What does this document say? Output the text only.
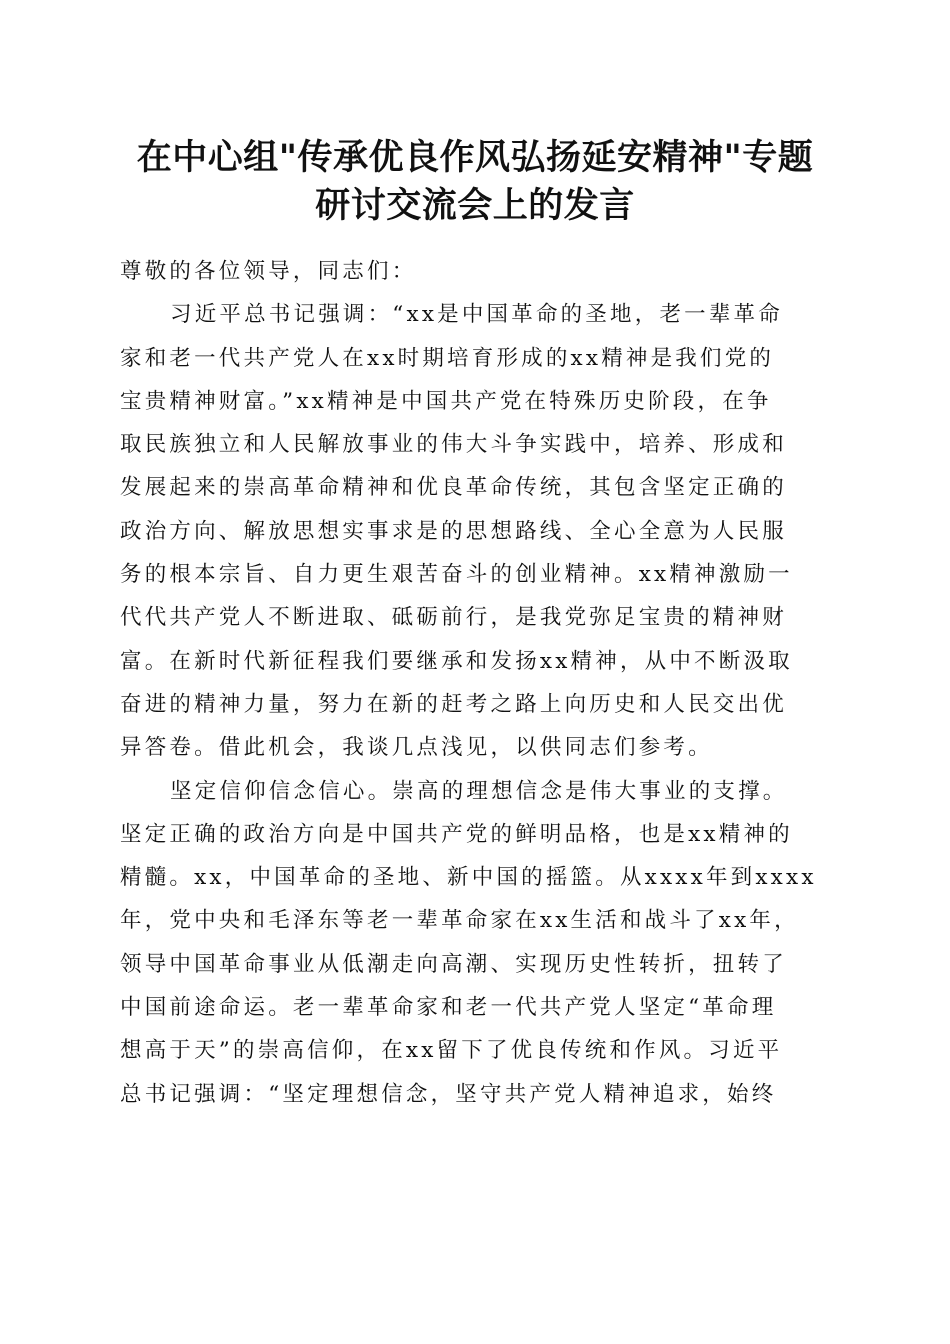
在中心组"传承优良作风弘扬延安精神"专题
研讨交流会上的发言
尊敬的各位领导，同志们：
习近平总书记强调：“xx是中国革命的圣地，老一辈革命
家和老一代共产党人在xx时期培育形成的xx精神是我们党的
宝贵精神财富。”xx精神是中国共产党在特殊历史阶段，在争
取民族独立和人民解放事业的伟大斗争实践中，培养、形成和
发展起来的崇高革命精神和优良革命传统，其包含坚定正确的
政治方向、解放思想实事求是的思想路线、全心全意为人民服
务的根本宗旨、自力更生艰苦奋斗的创业精神。xx精神激励一
代代共产党人不断进取、砥砺前行，是我党弥足宝贵的精神财
富。在新时代新征程我们要继承和发扬xx精神，从中不断汲取
奋进的精神力量，努力在新的赶考之路上向历史和人民交出优
异答卷。借此机会，我谈几点浅见，以供同志们参考。
坚定信仰信念信心。崇高的理想信念是伟大事业的支撑。
坚定正确的政治方向是中国共产党的鲜明品格，也是xx精神的
精髓。xx，中国革命的圣地、新中国的摇篮。从xxxx年到xxxx
年，党中央和毛泽东等老一辈革命家在xx生活和战斗了xx年，
领导中国革命事业从低潮走向高潮、实现历史性转折，扭转了
中国前途命运。老一辈革命家和老一代共产党人坚定“革命理
想高于天”的崇高信仰，在xx留下了优良传统和作风。习近平
总书记强调：“坚定理想信念，坚守共产党人精神追求，始终
